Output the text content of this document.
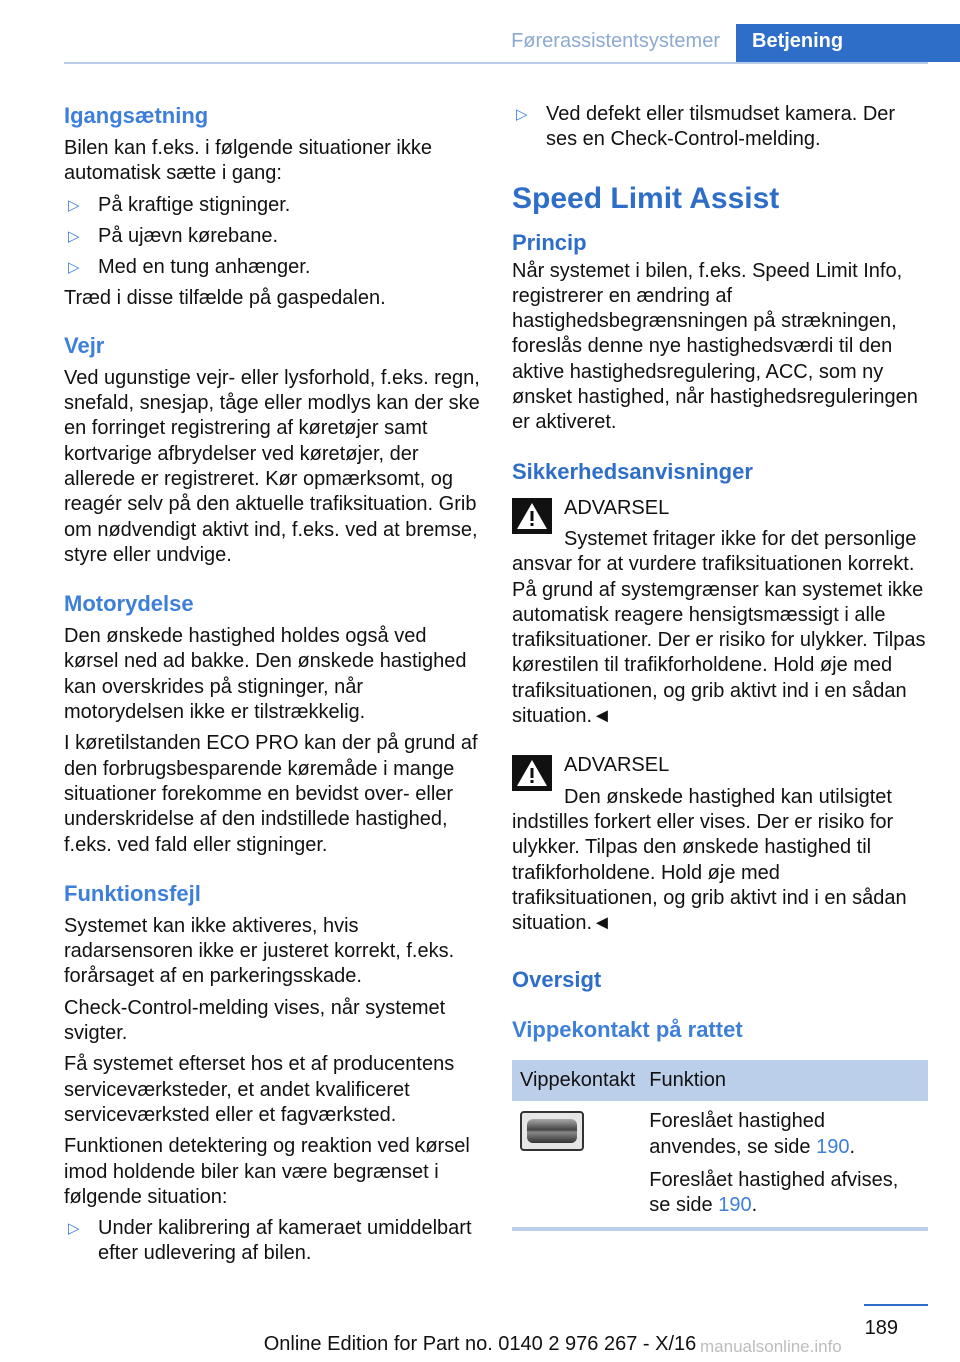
Førerassistentsystemer	Betjening
Igangsætning

Bilen kan f.eks. i følgende situationer ikke automatisk sætte i gang:

▷ På kraftige stigninger.
▷ På ujævn kørebane.
▷ Med en tung anhænger.

Træd i disse tilfælde på gaspedalen.

Vejr

Ved ugunstige vejr- eller lysforhold, f.eks. regn, snefald, snesjap, tåge eller modlys kan der ske en forringet registrering af køretøjer samt kortvarige afbrydelser ved køretøjer, der allerede er registreret. Kør opmærksomt, og reagér selv på den aktuelle trafiksituation. Grib om nødvendigt aktivt ind, f.eks. ved at bremse, styre eller undvige.

Motorydelse

Den ønskede hastighed holdes også ved kørsel ned ad bakke. Den ønskede hastighed kan overskrides på stigninger, når motorydelsen ikke er tilstrækkelig.

I køretilstanden ECO PRO kan der på grund af den forbrugsbesparende køremåde i mange situationer forekomme en bevidst over- eller underskridelse af den indstillede hastighed, f.eks. ved fald eller stigninger.

Funktionsfejl

Systemet kan ikke aktiveres, hvis radarsensoren ikke er justeret korrekt, f.eks. forårsaget af en parkeringsskade.

Check-Control-melding vises, når systemet svigter.

Få systemet efterset hos et af producentens serviceværksteder, et andet kvalificeret serviceværksted eller et fagværksted.

Funktionen detektering og reaktion ved kørsel imod holdende biler kan være begrænset i følgende situation:

▷ Under kalibrering af kameraet umiddelbart efter udlevering af bilen.
▷ Ved defekt eller tilsmudset kamera. Der ses en Check-Control-melding.
Speed Limit Assist
Princip

Når systemet i bilen, f.eks. Speed Limit Info, registrerer en ændring af hastighedsbegrænsningen på strækningen, foreslås denne nye hastighedsværdi til den aktive hastighedsregulering, ACC, som ny ønsket hastighed, når hastighedsreguleringen er aktiveret.

Sikkerhedsanvisninger
ADVARSEL

Systemet fritager ikke for det personlige

ansvar for at vurdere trafiksituationen korrekt. På grund af systemgrænser kan systemet ikke automatisk reagere hensigtsmæssigt i alle trafiksituationer. Der er risiko for ulykker. Tilpas kørestilen til trafikforholdene. Hold øje med trafiksituationen, og grib aktivt ind i en sådan situation.◄

ADVARSEL

Den ønskede hastighed kan utilsigtet

indstilles forkert eller vises. Der er risiko for ulykker. Tilpas den ønskede hastighed til trafikforholdene. Hold øje med trafiksituationen, og grib aktivt ind i en sådan situation.◄

Oversigt
Vippekontakt på rattet
Vippekontakt	Funktion

	Foreslået hastighed anvendes, se side 190.

Foreslået hastighed afvises, se side 190.

189
Online Edition for Part no. 0140 2 976 267 - X/16 manualsonline.info
